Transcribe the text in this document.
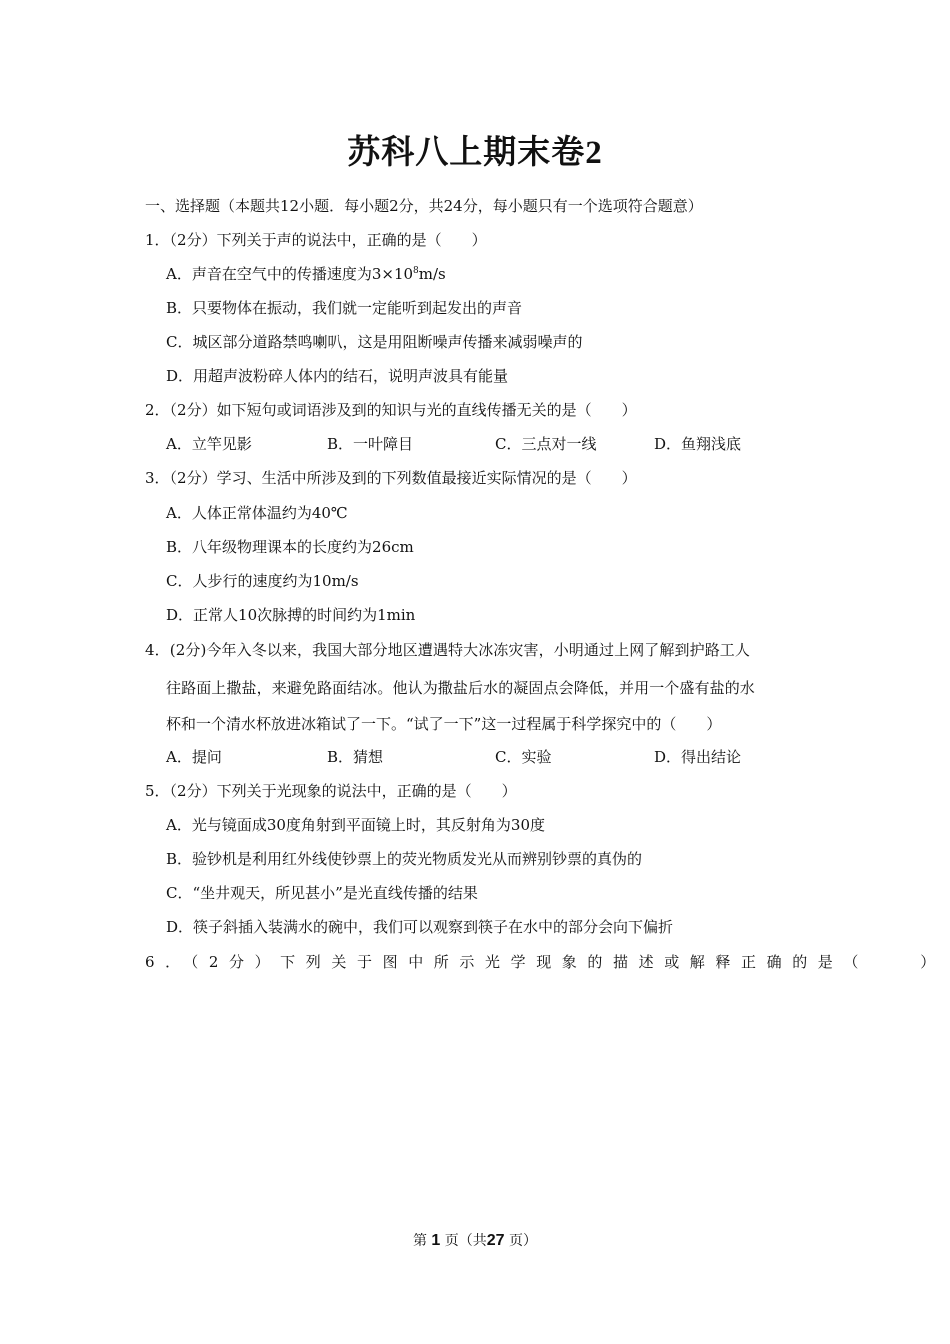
苏科八上期末卷2
一、选择题（本题共12小题．每小题2分，共24分，每小题只有一个选项符合题意）
1．（2分）下列关于声的说法中，正确的是（　　）
A．声音在空气中的传播速度为$3\times 10^8m/s$
B．只要物体在振动，我们就一定能听到起发出的声音
C．城区部分道路禁鸣喇叭，这是用阻断噪声传播来减弱噪声的
D．用超声波粉碎人体内的结石，说明声波具有能量
2．（2分）如下短句或词语涉及到的知识与光的直线传播无关的是（　　）
A．立竿见影	B．一叶障目	C．三点对一线	D．鱼翔浅底
3．（2分）学习、生活中所涉及到的下列数值最接近实际情况的是（　　）
A．人体正常体温约为40℃
B．八年级物理课本的长度约为26cm
C．人步行的速度约为10m/s
D．正常人10次脉搏的时间约为1min
4．(2分)今年入冬以来，我国大部分地区遭遇特大冰冻灾害，小明通过上网了解到护路工人
往路面上撒盐，来避免路面结冰。他认为撒盐后水的凝固点会降低，并用一个盛有盐的水
杯和一个清水杯放进冰箱试了一下。“试了一下”这一过程属于科学探究中的（　　）
A．提问	B．猜想	C．实验	D．得出结论
5．（2分）下列关于光现象的说法中，正确的是（　　）
A．光与镜面成30度角射到平面镜上时，其反射角为30度
B．验钞机是利用红外线使钞票上的荧光物质发光从而辨别钞票的真伪的
C．“坐井观天，所见甚小”是光直线传播的结果
D．筷子斜插入装满水的碗中，我们可以观察到筷子在水中的部分会向下偏折
6．（2分）下列关于图中所示光学现象的描述或解释正确的是（　　）
第 1 页（共27 页）
